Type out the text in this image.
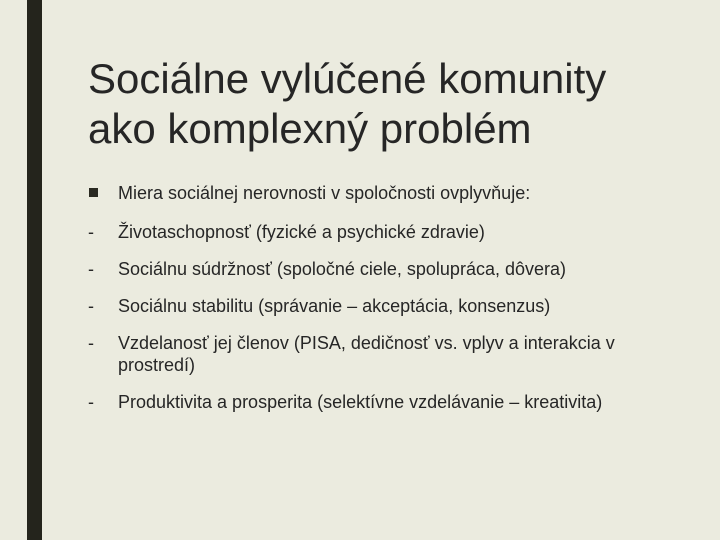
Sociálne vylúčené komunity
ako komplexný problém
Miera sociálnej nerovnosti v spoločnosti ovplyvňuje:
-	Životaschopnosť (fyzické a psychické zdravie)
-	Sociálnu súdržnosť (spoločné ciele, spolupráca, dôvera)
-	Sociálnu stabilitu (správanie – akceptácia, konsenzus)
-	Vzdelanosť jej členov (PISA, dedičnosť vs. vplyv a interakcia v prostredí)
-	Produktivita a prosperita (selektívne vzdelávanie – kreativita)
